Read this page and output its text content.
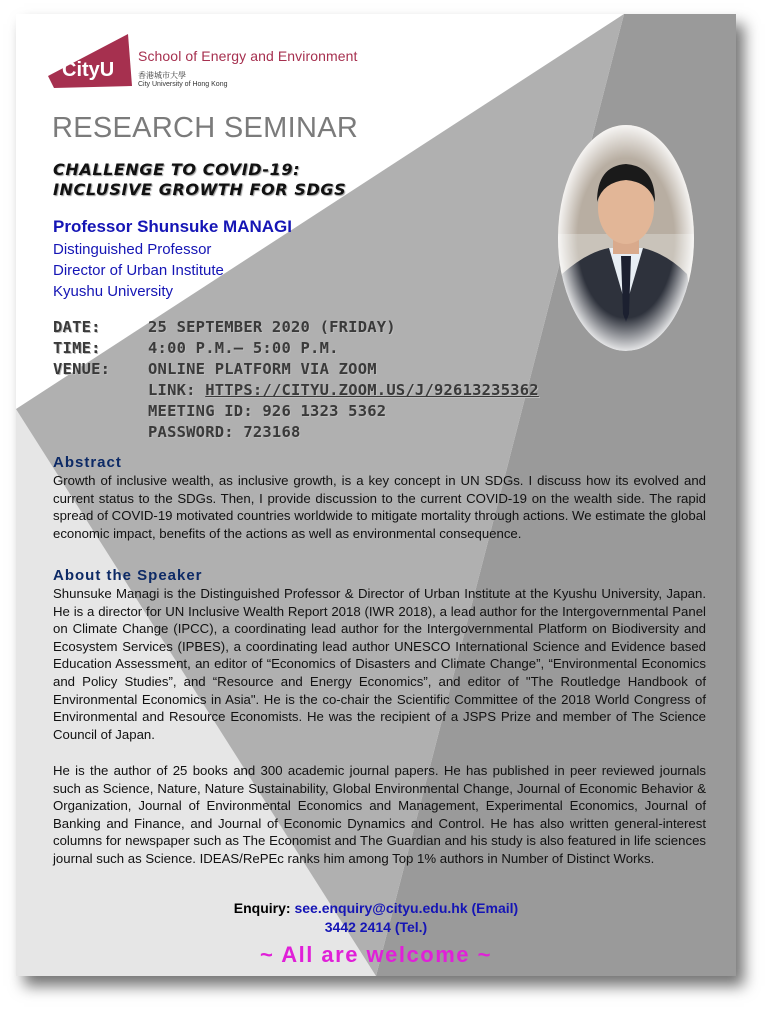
CityU
School of Energy and Environment
香港城市大學
City University of Hong Kong
RESEARCH SEMINAR
CHALLENGE TO COVID-19:
INCLUSIVE GROWTH FOR SDGS
Professor Shunsuke MANAGI
Distinguished Professor
Director of Urban Institute
Kyushu University
DATE:	25 SEPTEMBER 2020 (FRIDAY)
TIME:	4:00 P.M.– 5:00 P.M.
VENUE: ONLINE PLATFORM VIA ZOOM
LINK: HTTPS://CITYU.ZOOM.US/J/92613235362
MEETING ID: 926 1323 5362
PASSWORD: 723168
Abstract
Growth of inclusive wealth, as inclusive growth, is a key concept in UN SDGs. I discuss how its evolved and current status to the SDGs. Then, I provide discussion to the current COVID-19 on the wealth side. The rapid spread of COVID-19 motivated countries worldwide to mitigate mortality through actions. We estimate the global economic impact, benefits of the actions as well as environmental consequence.
About the Speaker
Shunsuke Managi is the Distinguished Professor & Director of Urban Institute at the Kyushu University, Japan. He is a director for UN Inclusive Wealth Report 2018 (IWR 2018), a lead author for the Intergovernmental Panel on Climate Change (IPCC), a coordinating lead author for the Intergovernmental Platform on Biodiversity and Ecosystem Services (IPBES), a coordinating lead author UNESCO International Science and Evidence based Education Assessment, an editor of “Economics of Disasters and Climate Change”, “Environmental Economics and Policy Studies”, and “Resource and Energy Economics”, and editor of "The Routledge Handbook of Environmental Economics in Asia". He is the co-chair the Scientific Committee of the 2018 World Congress of Environmental and Resource Economists. He was the recipient of a JSPS Prize and member of The Science Council of Japan.
He is the author of 25 books and 300 academic journal papers. He has published in peer reviewed journals such as Science, Nature, Nature Sustainability, Global Environmental Change, Journal of Economic Behavior & Organization, Journal of Environmental Economics and Management, Experimental Economics, Journal of Banking and Finance, and Journal of Economic Dynamics and Control. He has also written general-interest columns for newspaper such as The Economist and The Guardian and his study is also featured in life sciences journal such as Science. IDEAS/RePEc ranks him among Top 1% authors in Number of Distinct Works.
Enquiry: see.enquiry@cityu.edu.hk (Email)
3442 2414 (Tel.)
~ All are welcome ~
